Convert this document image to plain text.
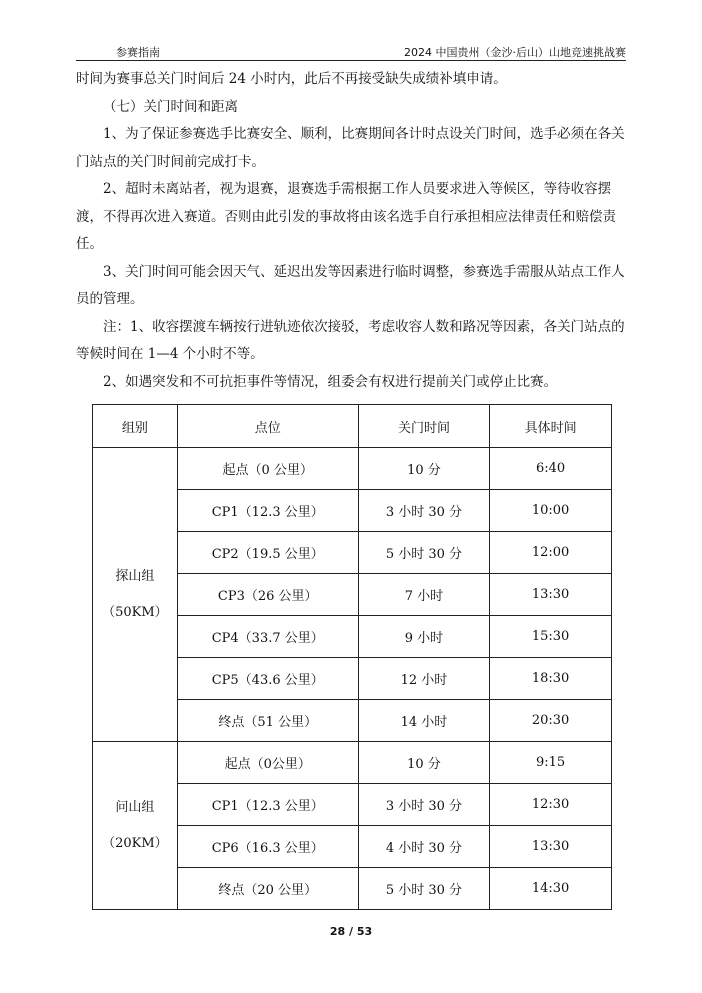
参赛指南	2024 中国贵州（金沙·后山）山地竞速挑战赛

时间为赛事总关门时间后 24 小时内，此后不再接受缺失成绩补填申请。

（七）关门时间和距离

1、为了保证参赛选手比赛安全、顺利，比赛期间各计时点设关门时间，选手必须在各关门站点的关门时间前完成打卡。

2、超时未离站者，视为退赛，退赛选手需根据工作人员要求进入等候区，等待收容摆渡，不得再次进入赛道。否则由此引发的事故将由该名选手自行承担相应法律责任和赔偿责任。

3、关门时间可能会因天气、延迟出发等因素进行临时调整，参赛选手需服从站点工作人员的管理。

注：1、收容摆渡车辆按行进轨迹依次接驳，考虑收容人数和路况等因素，各关门站点的等候时间在 1—4 个小时不等。

2、如遇突发和不可抗拒事件等情况，组委会有权进行提前关门或停止比赛。

组别	点位	关门时间	具体时间

探山组
（50KM）	起点（0 公里）	10 分	6:40
	CP1（12.3 公里）	3 小时 30 分	10:00
	CP2（19.5 公里）	5 小时 30 分	12:00
	CP3（26 公里）	7 小时	13:30
	CP4（33.7 公里）	9 小时	15:30
	CP5（43.6 公里）	12 小时	18:30
	终点（51 公里）	14 小时	20:30

问山组
（20KM）	起点（0公里）	10 分	9:15
	CP1（12.3 公里）	3 小时 30 分	12:30
	CP6（16.3 公里）	4 小时 30 分	13:30
	终点（20 公里）	5 小时 30 分	14:30
28 / 53
